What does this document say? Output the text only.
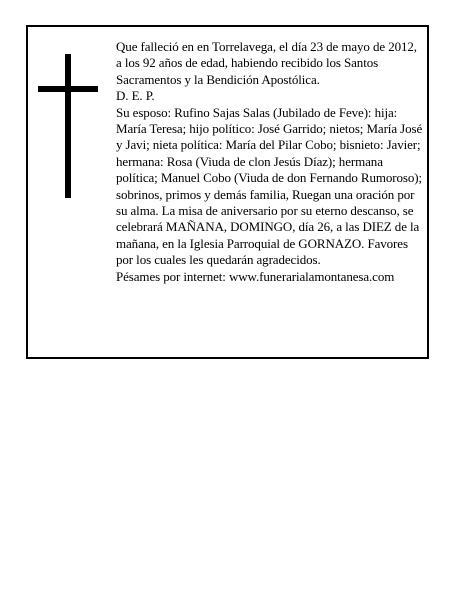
Que falleció en en Torrelavega, el día 23 de mayo de 2012, a los 92 años de edad, habiendo recibido los Santos Sacramentos y la Bendición Apostólica.

D. E. P.

Su esposo: Rufino Sajas Salas (Jubilado de Feve): hija: María Teresa; hijo político: José Garrido; nietos; María José y Javi; nieta política: María del Pilar Cobo; bisnieto: Javier; hermana: Rosa (Viuda de clon Jesús Díaz); hermana política; Manuel Cobo (Viuda de don Fernando Rumoroso); sobrinos, primos y demás familia, Ruegan una oración por su alma. La misa de aniversario por su eterno descanso, se celebrará MAÑANA, DOMINGO, día 26, a las DIEZ de la mañana, en la Iglesia Parroquial de GORNAZO. Favores por los cuales les quedarán agradecidos.

Pésames por internet: www.funerarialamontanesa.com
